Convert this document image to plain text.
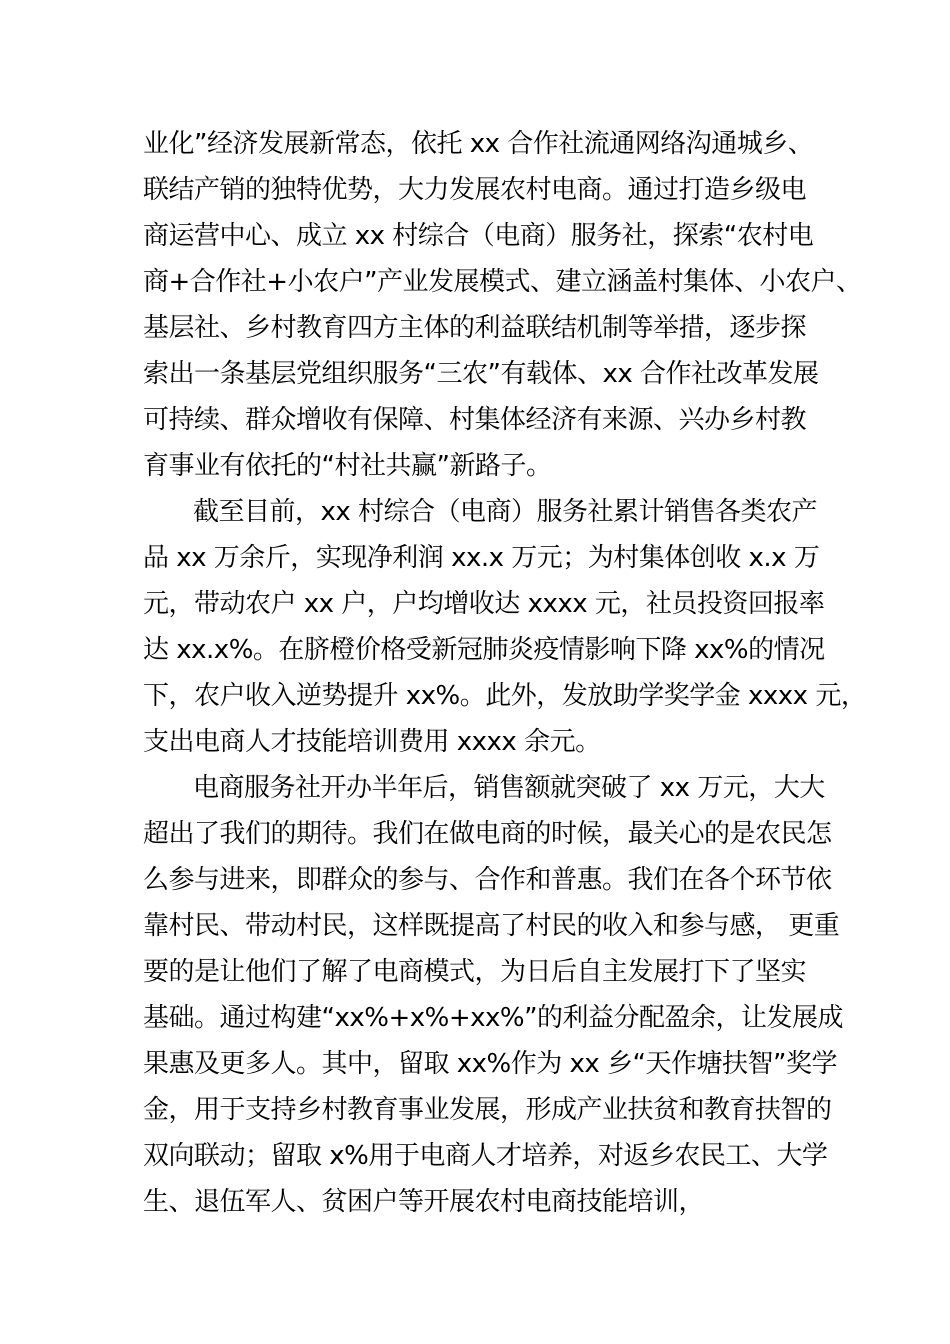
业化”经济发展新常态，依托 xx 合作社流通网络沟通城乡、
联结产销的独特优势，大力发展农村电商。通过打造乡级电
商运营中心、成立 xx 村综合（电商）服务社，探索“农村电
商+合作社+小农户”产业发展模式、建立涵盖村集体、小农户、
基层社、乡村教育四方主体的利益联结机制等举措，逐步探
索出一条基层党组织服务“三农”有载体、xx 合作社改革发展
可持续、群众增收有保障、村集体经济有来源、兴办乡村教
育事业有依托的“村社共赢”新路子。
截至目前，xx 村综合（电商）服务社累计销售各类农产
品 xx 万余斤，实现净利润 xx.x 万元；为村集体创收 x.x 万
元，带动农户 xx 户，户均增收达 xxxx 元，社员投资回报率
达 xx.x%。在脐橙价格受新冠肺炎疫情影响下降 xx%的情况
下，农户收入逆势提升 xx%。此外，发放助学奖学金 xxxx 元，
支出电商人才技能培训费用 xxxx 余元。
电商服务社开办半年后，销售额就突破了 xx 万元，大大
超出了我们的期待。我们在做电商的时候，最关心的是农民怎
么参与进来，即群众的参与、合作和普惠。我们在各个环节依
靠村民、带动村民，这样既提高了村民的收入和参与感， 更重
要的是让他们了解了电商模式，为日后自主发展打下了坚实
基础。通过构建“xx%+x%+xx%”的利益分配盈余，让发展成
果惠及更多人。其中，留取 xx%作为 xx 乡“天作塘扶智”奖学
金，用于支持乡村教育事业发展，形成产业扶贫和教育扶智的
双向联动；留取 x%用于电商人才培养，对返乡农民工、大学
生、退伍军人、贫困户等开展农村电商技能培训，
